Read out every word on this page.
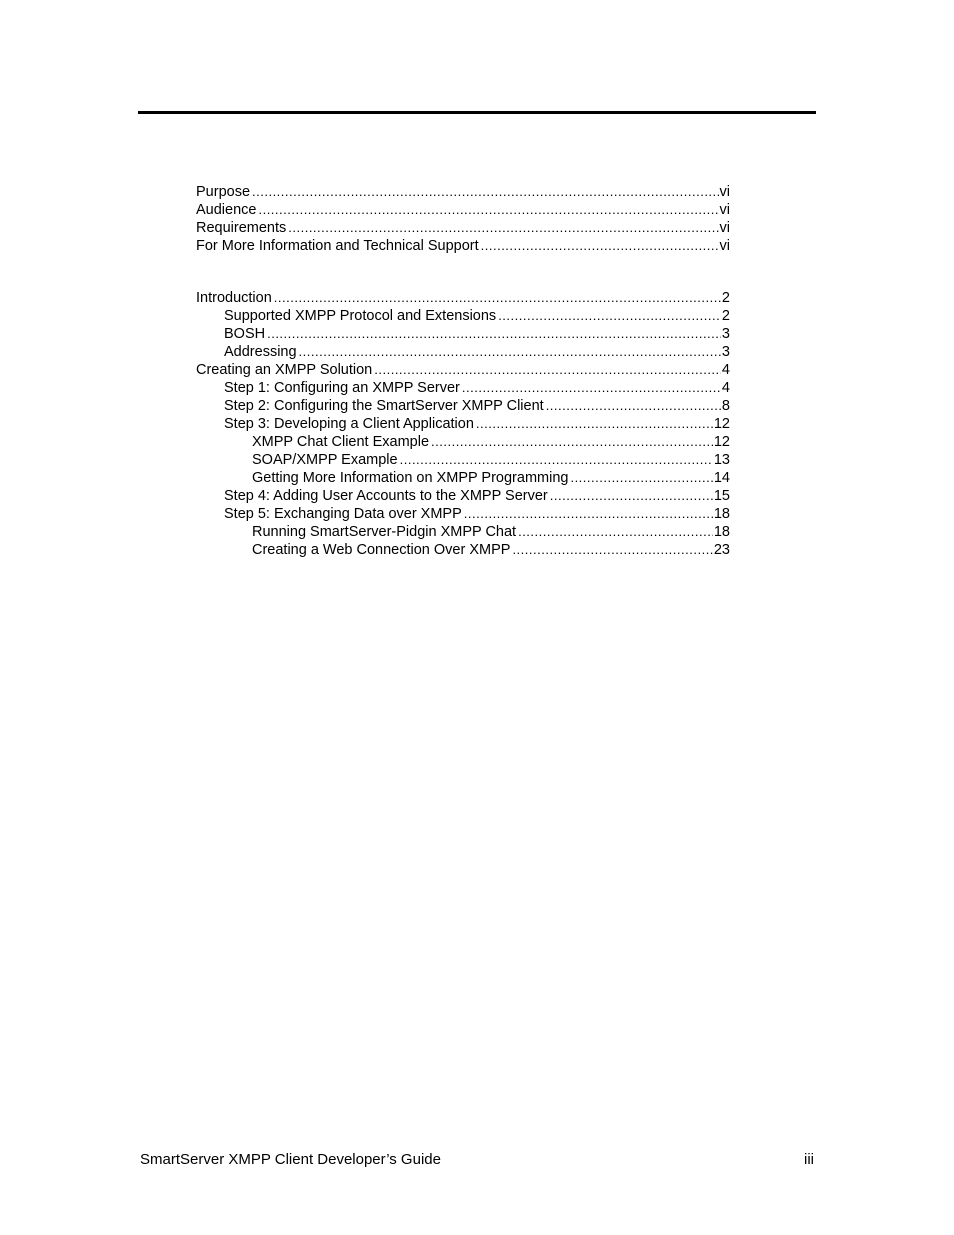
Purpose .....	vi
Audience .....	vi
Requirements .....	vi
For More Information and Technical Support .....	vi
Introduction .....	2
Supported XMPP Protocol and Extensions .....	2
BOSH .....	3
Addressing .....	3
Creating an XMPP Solution .....	4
Step 1: Configuring an XMPP Server .....	4
Step 2: Configuring the SmartServer XMPP Client .....	8
Step 3: Developing a Client Application .....	12
XMPP Chat Client Example .....	12
SOAP/XMPP Example .....	13
Getting More Information on XMPP Programming .....	14
Step 4: Adding User Accounts to the XMPP Server .....	15
Step 5: Exchanging Data over XMPP .....	18
Running SmartServer-Pidgin XMPP Chat .....	18
Creating a Web Connection Over XMPP .....	23
SmartServer XMPP Client Developer’s Guide	iii
